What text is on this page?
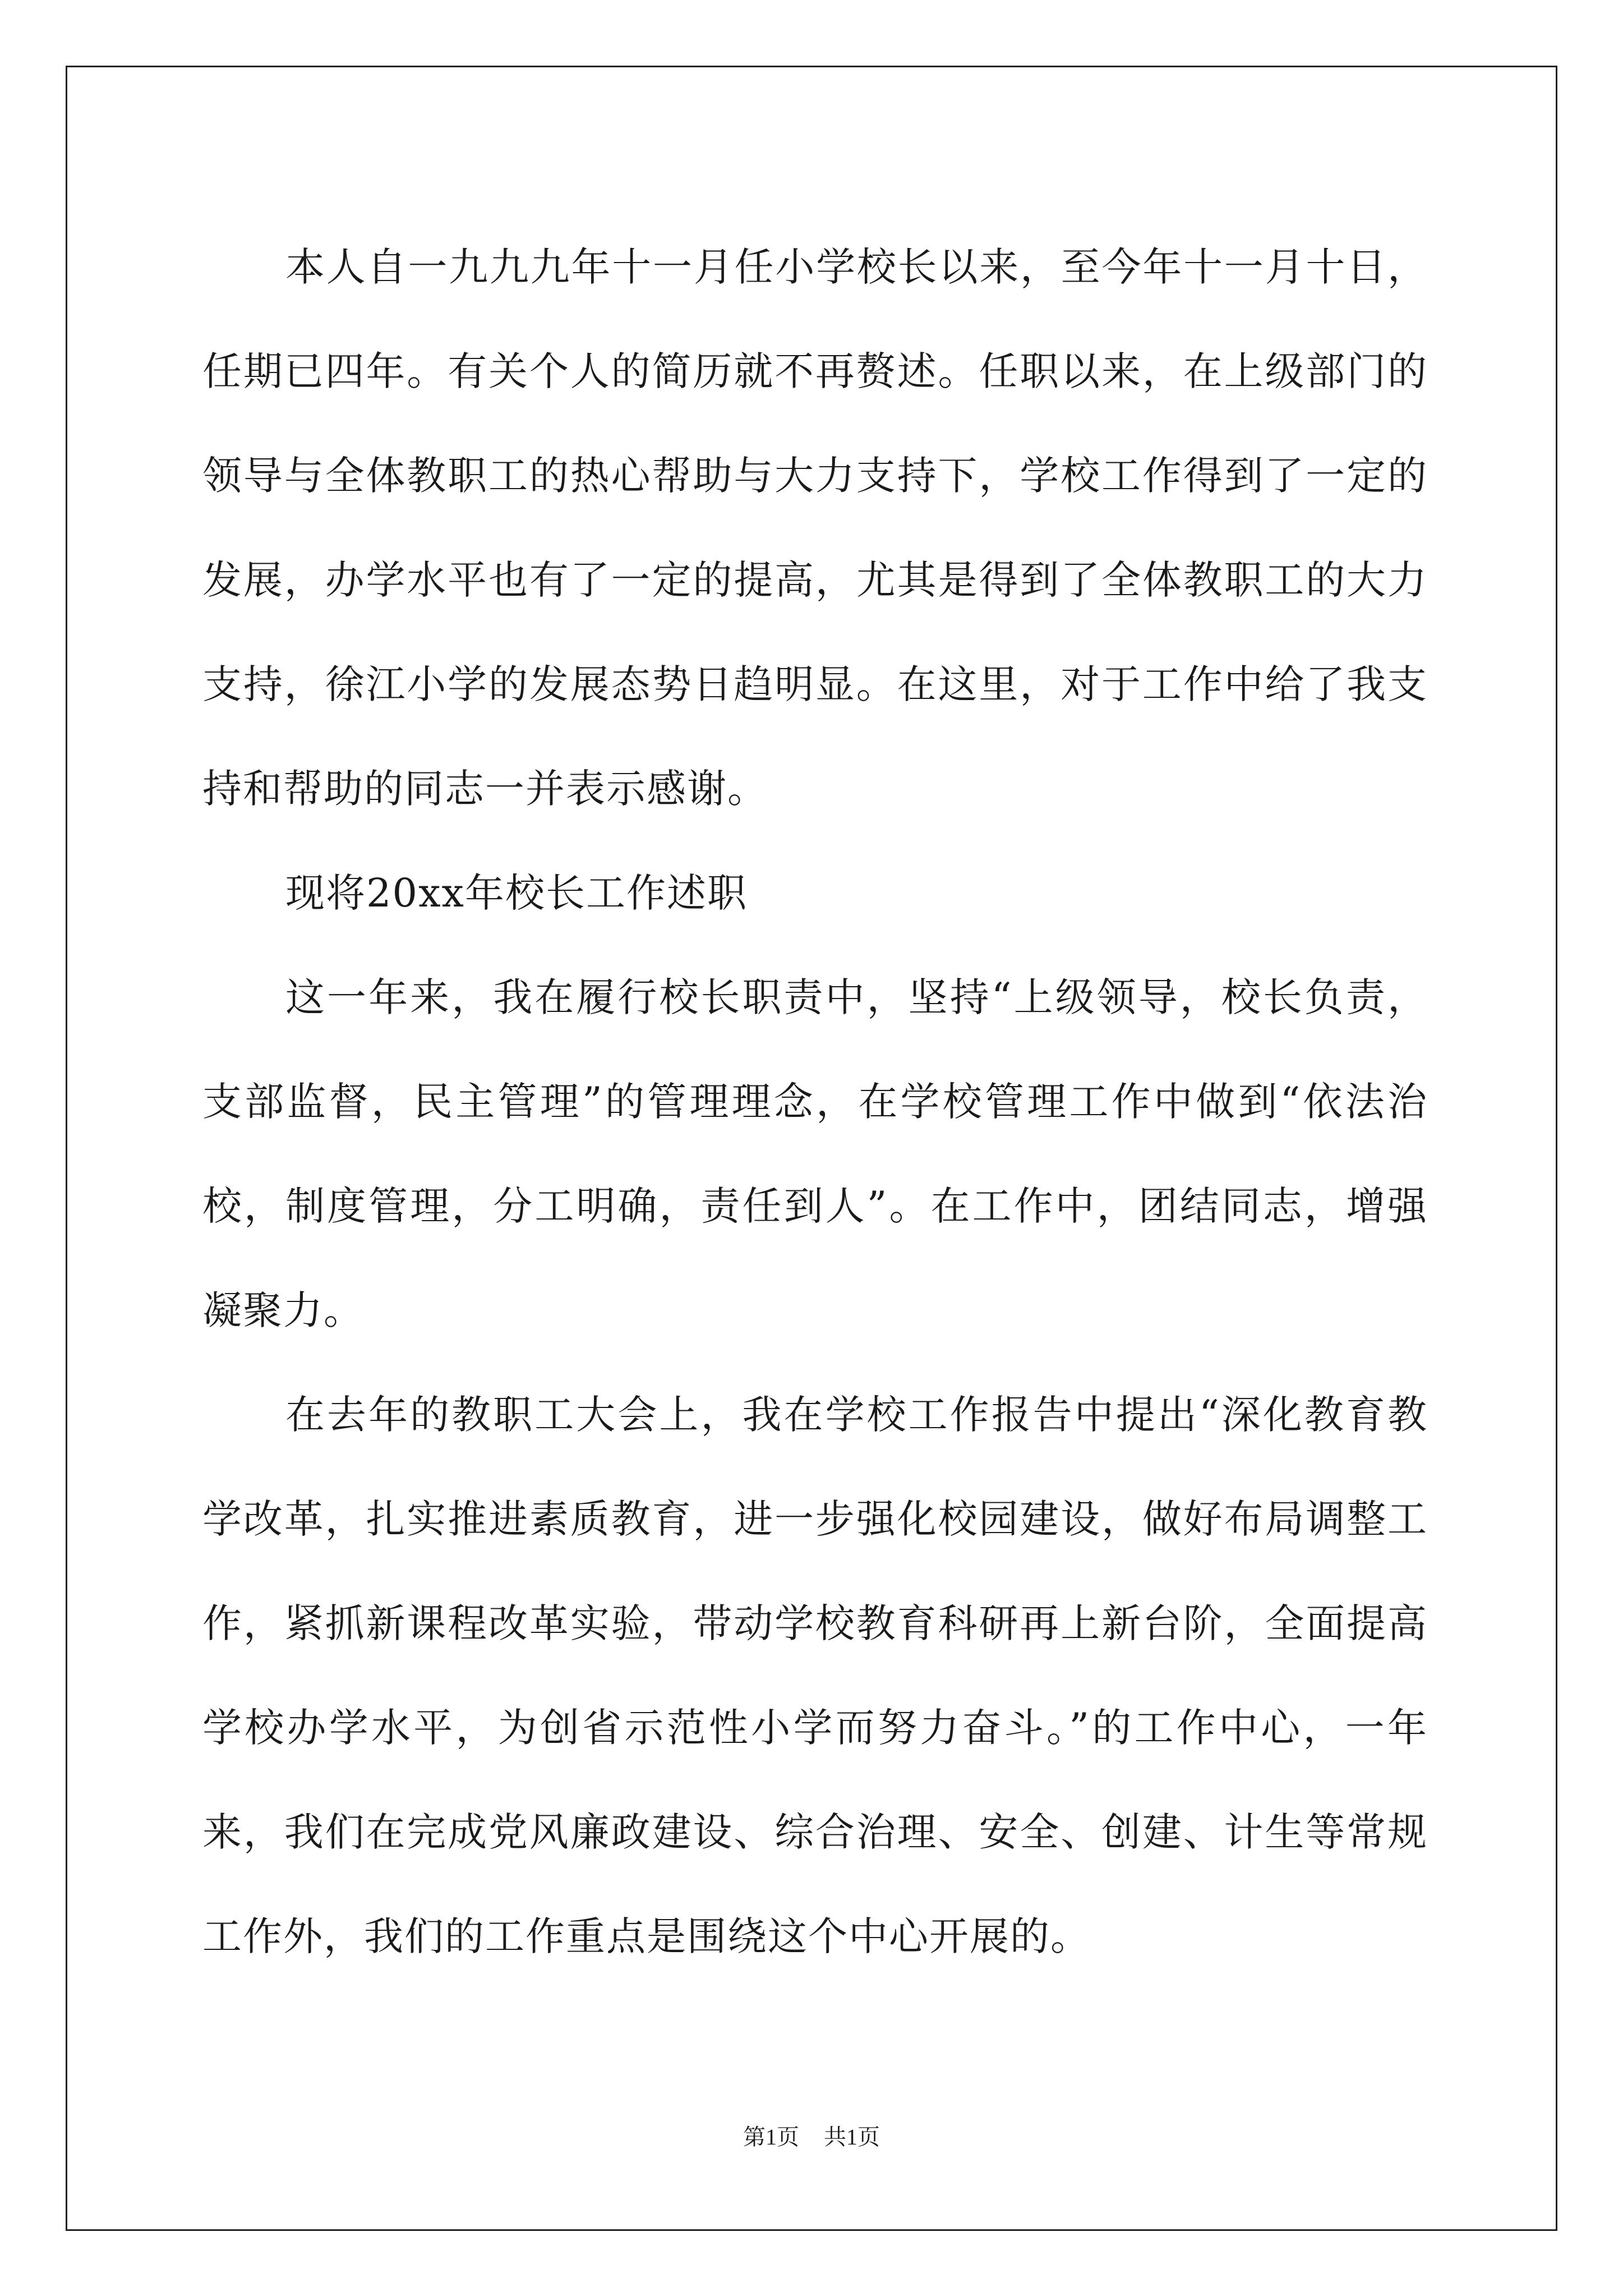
本人自一九九九年十一月任小学校长以来，至今年十一月十日，任期已四年。有关个人的简历就不再赘述。任职以来，在上级部门的领导与全体教职工的热心帮助与大力支持下，学校工作得到了一定的发展，办学水平也有了一定的提高，尤其是得到了全体教职工的大力支持，徐江小学的发展态势日趋明显。在这里，对于工作中给了我支持和帮助的同志一并表示感谢。

现将20xx年校长工作述职

这一年来，我在履行校长职责中，坚持“上级领导，校长负责，支部监督，民主管理”的管理理念，在学校管理工作中做到“依法治校，制度管理，分工明确，责任到人”。在工作中，团结同志，增强凝聚力。

在去年的教职工大会上，我在学校工作报告中提出“深化教育教学改革，扎实推进素质教育，进一步强化校园建设，做好布局调整工作，紧抓新课程改革实验，带动学校教育科研再上新台阶，全面提高学校办学水平，为创省示范性小学而努力奋斗。”的工作中心，一年来，我们在完成党风廉政建设、综合治理、安全、创建、计生等常规工作外，我们的工作重点是围绕这个中心开展的。

第1页 共1页
